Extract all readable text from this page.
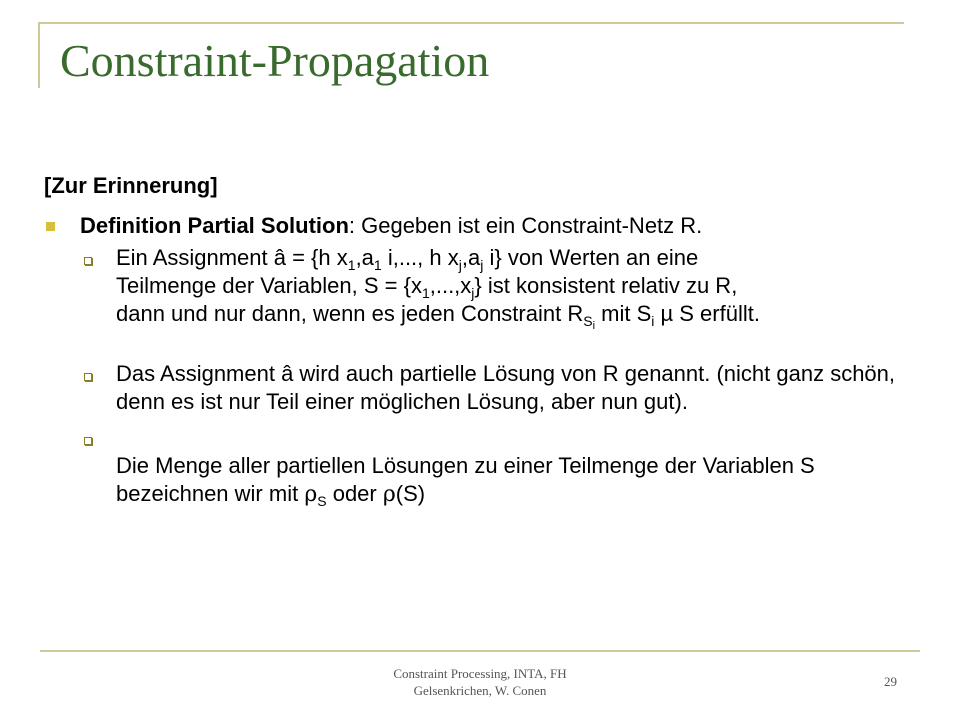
Constraint-Propagation
[Zur Erinnerung]
Definition Partial Solution: Gegeben ist ein Constraint-Netz R.
Ein Assignment â = {h $x_1,a_1$ i,..., h $x_j,a_j$ i} von Werten an eine
Teilmenge der Variablen, $S = \{x_1,...,x_j\}$ ist konsistent relativ zu R,
dann und nur dann, wenn es jeden Constraint $R_{S_i}$ mit $S_i$ µ S erfüllt.
Das Assignment â wird auch partielle Lösung von R genannt. (nicht ganz schön, denn es ist nur Teil einer möglichen Lösung, aber nun gut).
Die Menge aller partiellen Lösungen zu einer Teilmenge der Variablen S bezeichnen wir mit $\rho_S$ oder ρ(S)
Constraint Processing, INTA, FH
Gelsenkrichen, W. Conen
29
